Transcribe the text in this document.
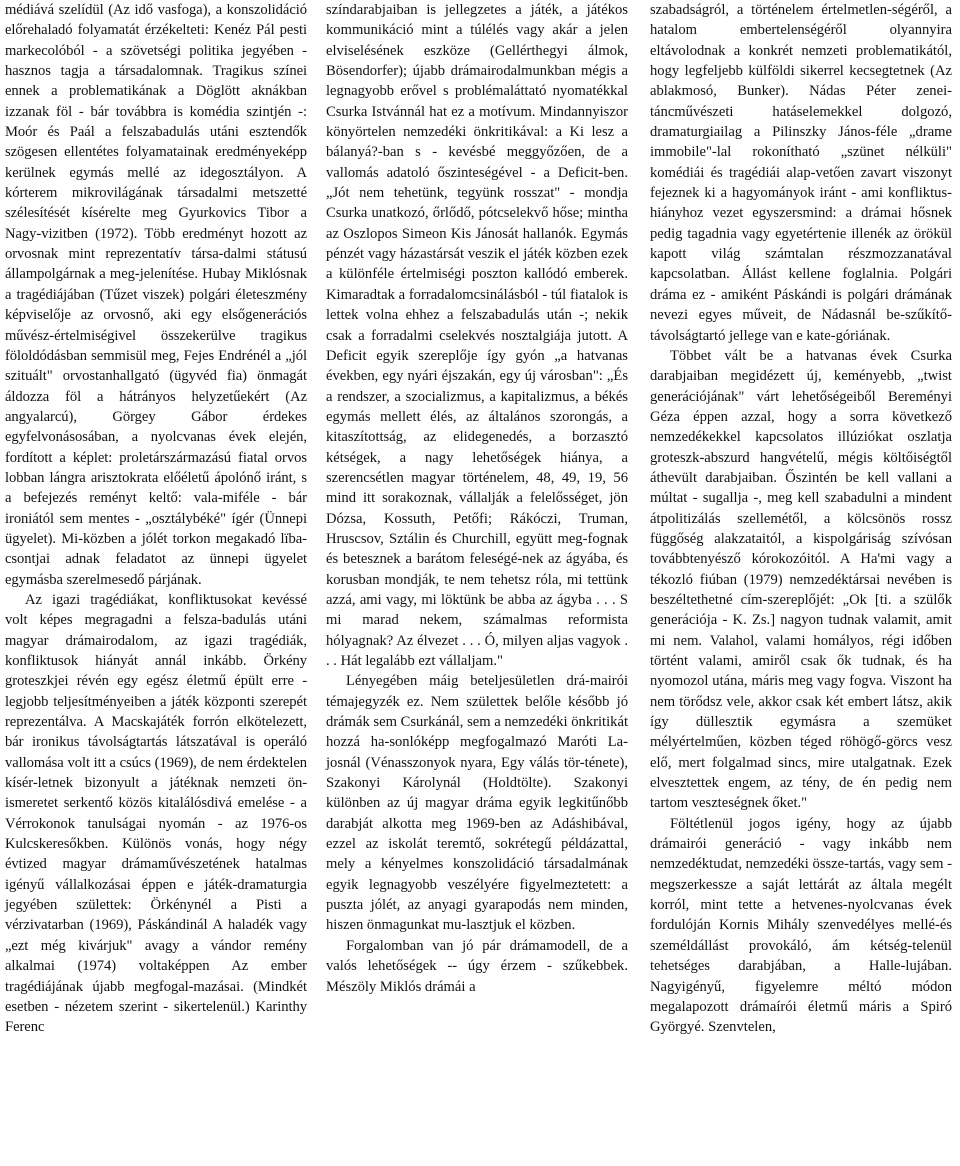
médiává szelídül (Az idő vasfoga), a konszolidáció előrehaladó folyamatát érzékelteti: Kenéz Pál pesti markecolóból - a szövetségi politika jegyében - hasznos tagja a társadalomnak. Tragikus színei ennek a problematikának a Döglött aknákban izzanak föl - bár továbbra is komédia szintjén -: Moór és Paál a felszabadulás utáni esztendők szögesen ellentétes folyamatainak eredményeképp kerülnek egymás mellé az idegosztályon. A kórterem mikrovilágának társadalmi metszetté szélesítését kísérelte meg Gyurkovics Tibor a Nagy-vizitben (1972). Több eredményt hozott az orvosnak mint reprezentatív társa-dalmi státusú állampolgárnak a meg-jelenítése. Hubay Miklósnak a tragédiájában (Tűzet viszek) polgári életeszmény képviselője az orvosnő, aki egy elsőgenerációs művész-értelmiségivel összekerülve tragikus föloldódásban semmisül meg, Fejes Endrénél a „jól szituált" orvostanhallgató (ügyvéd fia) önmagát áldozza föl a hátrányos helyzetűekért (Az angyalarcú), Görgey Gábor érdekes egyfelvonásosában, a nyolcvanas évek elején, fordított a képlet: proletárszármazású fiatal orvos lobban lángra arisztokrata előéletű ápolónő iránt, s a befejezés reményt keltő: vala-miféle - bár ironiától sem mentes - „osztálybéké" ígér (Ünnepi ügyelet). Mi-közben a jólét torkon megakadó lïba-csontjai adnak feladatot az ünnepi ügyelet egymásba szerelmesedő párjának.

Az igazi tragédiákat, konfliktusokat kevéssé volt képes megragadni a felsza-badulás utáni magyar drámairodalom, az igazi tragédiák, konfliktusok hiányát annál inkább. Örkény groteszkjei révén egy egész életmű épült erre - legjobb teljesítményeiben a játék központi szerepét reprezentálva. A Macskajáték forrón elkötelezett, bár ironikus távolságtartás látszatával is operáló vallomása volt itt a csúcs (1969), de nem érdektelen kísér-letnek bizonyult a játéknak nemzeti ön-ismeretet serkentő közös kitalálósdivá emelése - a Vérrokonok tanulságai nyomán - az 1976-os Kulcskeresőkben. Különös vonás, hogy négy évtized magyar drámaművészetének hatalmas igényű vállalkozásai éppen e játék-dramaturgia jegyében születtek: Örkénynél a Pisti a vérzivatarban (1969), Páskándinál A haladék vagy „ezt még kivárjuk" avagy a vándor remény alkalmai (1974) voltaképpen Az ember tragédiájának újabb megfogal-mazásai. (Mindkét esetben - nézetem szerint - sikertelenül.) Karinthy Ferenc

színdarabjaiban is jellegzetes a játék, a játékos kommunikáció mint a túlélés vagy akár a jelen elviselésének eszköze (Gellérthegyi álmok, Bösendorfer); újabb drámairodalmunkban mégis a legnagyobb erővel s problémaláttató nyomatékkal Csurka Istvánnál hat ez a motívum. Mindannyiszor könyörtelen nemzedéki önkritikával: a Ki lesz a bálanyá?-ban s - kevésbé meggyőzően, de a vallomás adatoló őszinteségével - a Deficit-ben. „Jót nem tehetünk, tegyünk rosszat" - mondja Csurka unatkozó, őrlődő, pótcselekvő hőse; mintha az Oszlopos Simeon Kis Jánosát hallanók. Egymás pénzét vagy házastársát veszik el játék közben ezek a különféle értelmiségi poszton kallódó emberek. Kimaradtak a forradalomcsinálásból - túl fiatalok is lettek volna ehhez a felszabadulás után -; nekik csak a forradalmi cselekvés nosztalgiája jutott. A Deficit egyik szereplője így gyón „a hatvanas években, egy nyári éjszakán, egy új városban": „És a rendszer, a szocializmus, a kapitalizmus, a békés egymás mellett élés, az általános szorongás, a kitaszítottság, az elidegenedés, a borzasztó kétségek, a nagy lehetőségek hiánya, a szerencsétlen magyar történelem, 48, 49, 19, 56 mind itt sorakoznak, vállalják a felelősséget, jön Dózsa, Kossuth, Petőfi; Rákóczi, Truman, Hruscsov, Sztálin és Churchill, együtt meg-fognak és betesznek a barátom feleségé-nek az ágyába, és korusban mondják, te nem tehetsz róla, mi tettünk azzá, ami vagy, mi löktünk be abba az ágyba . . . S mi marad nekem, számalmas reformista hólyagnak? Az élvezet . . . Ó, milyen aljas vagyok . . . Hát legalább ezt vállaljam."

Lényegében máig beteljesületlen drá-mairói témajegyzék ez. Nem születtek belőle később jó drámák sem Csurkánál, sem a nemzedéki önkritikát hozzá ha-sonlóképp megfogalmazó Maróti La-josnál (Vénasszonyok nyara, Egy válás tör-ténete), Szakonyi Károlynál (Holdtölte). Szakonyi különben az új magyar dráma egyik legkitűnőbb darabját alkotta meg 1969-ben az Adáshibával, ezzel az iskolát teremtő, sokrétegű példázattal, mely a kényelmes konszolidáció társadalmának egyik legnagyobb veszélyére figyelmeztetett: a puszta jólét, az anyagi gyarapodás nem minden, hiszen önmagunkat mu-lasztjuk el közben.

Forgalomban van jó pár drámamodell, de a valós lehetőségek -- úgy érzem - szűkebbek. Mészöly Miklós drámái a

szabadságról, a történelem értelmetlen-ségéről, a hatalom embertelenségéről olyannyira eltávolodnak a konkrét nemzeti problematikától, hogy legfeljebb külföldi sikerrel kecsegtetnek (Az ablakmosó, Bunker). Nádas Péter zenei-táncművészeti hatáselemekkel dolgozó, dramaturgiailag a Pilinszky János-féle „drame immobile"-lal rokonítható „szünet nélküli" komédiái és tragédiái alap-vetően zavart viszonyt fejeznek ki a hagyományok iránt - ami konfliktus-hiányhoz vezet egyszersmind: a drámai hősnek pedig tagadnia vagy egyetértenie illenék az örökül kapott világ számtalan részmozzanatával kapcsolatban. Állást kellene foglalnia. Polgári dráma ez - amiként Páskándi is polgári drámának nevezi egyes műveit, de Nádasnál be-szűkítő-távolságtartó jellege van e kate-góriának.

Többet vált be a hatvanas évek Csurka darabjaiban megidézett új, keményebb, „twist generációjának" várt lehetőségeiből Bereményi Géza éppen azzal, hogy a sorra következő nemzedékekkel kapcsolatos illúziókat oszlatja groteszk-abszurd hangvételű, mégis költőiségtől áthevült darabjaiban. Őszintén be kell vallani a múltat - sugallja -, meg kell szabadulni a mindent átpolitizálás szellemétől, a kölcsönös rossz függőség alakzataitól, a kispolgáriság szívósan továbbtenyésző kórokozóitól. A Ha'mi vagy a tékozló fiúban (1979) nemzedéktársai nevében is beszéltethetné cím-szereplőjét: „Ok [ti. a szülők generációja - K. Zs.] nagyon tudnak valamit, amit mi nem. Valahol, valami homályos, régi időben történt valami, amiről csak ők tudnak, és ha nyomozol utána, máris meg vagy fogva. Viszont ha nem törődsz vele, akkor csak két embert látsz, akik így düllesztik egymásra a szemüket mélyértelműen, közben téged röhögő-görcs vesz elő, mert folgalmad sincs, mire utalgatnak. Ezek elvesztettek engem, az tény, de én pedig nem tartom veszteségnek őket."

Föltétlenül jogos igény, hogy az újabb drámairói generáció - vagy inkább nem nemzedéktudat, nemzedéki össze-tartás, vagy sem - megszerkessze a saját lettárát az általa megélt korról, mint tette a hetvenes-nyolcvanas évek fordulóján Kornis Mihály szenvedélyes mellé-és személdállást provokáló, ám kétség-telenül tehetséges darabjában, a Halle-lujában. Nagyigényű, figyelemre méltó módon megalapozott drámaírói életmű máris a Spiró Györgyé. Szenvtelen,
